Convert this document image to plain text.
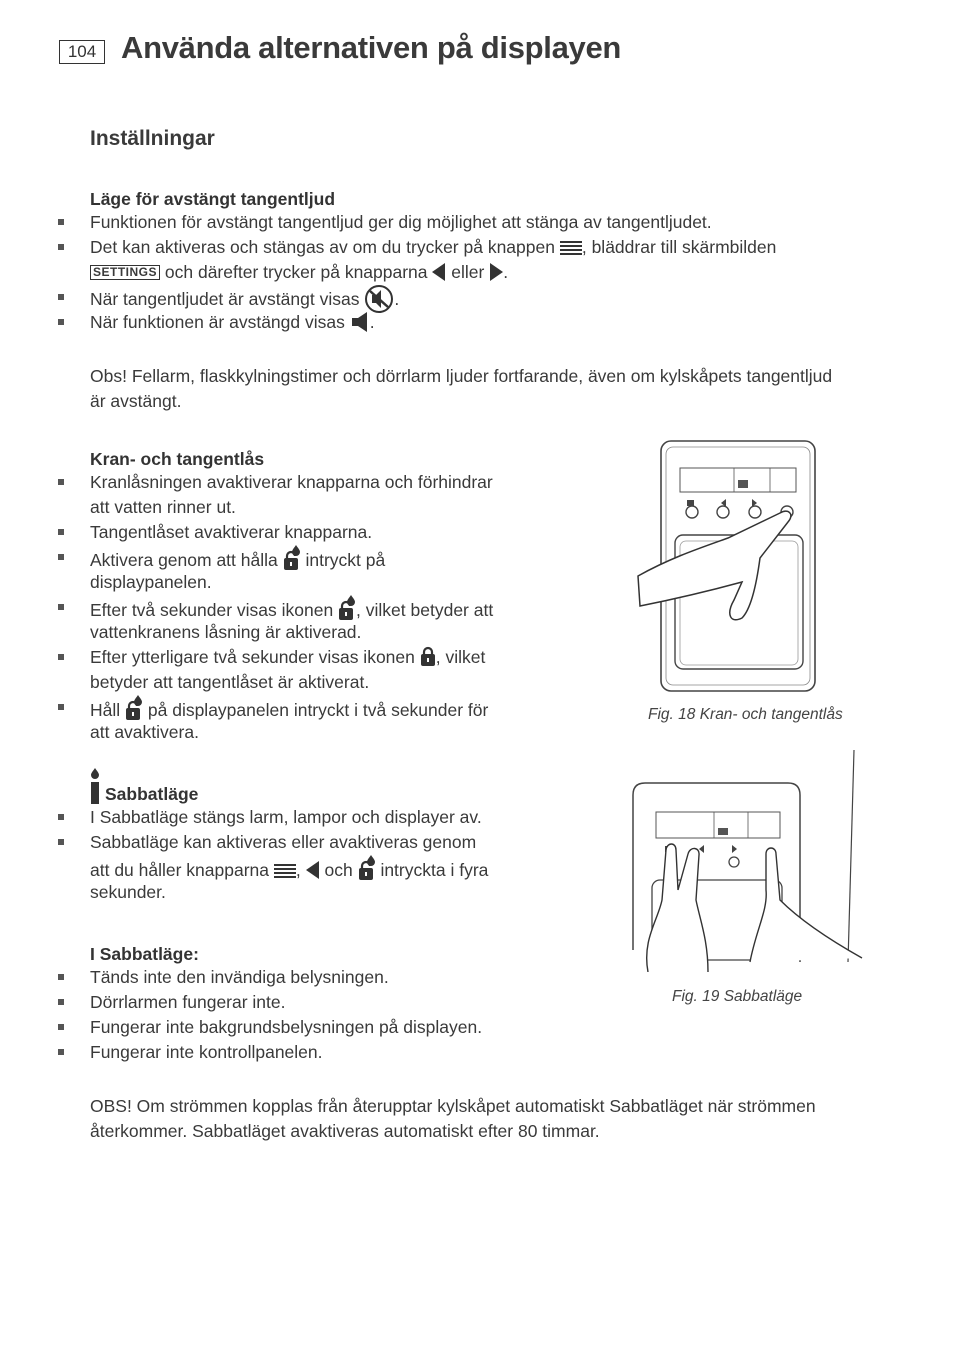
104 Använda alternativen på displayen
Inställningar
Läge för avstängt tangentljud
Funktionen för avstängt tangentljud ger dig möjlighet att stänga av tangentljudet.
Det kan aktiveras och stängas av om du trycker på knappen
, bläddrar till skärmbilden
SETTINGS och därefter trycker på knapparna
eller
.
När tangentljudet är avstängt visas
.
När funktionen är avstängd visas
.
Obs! Fellarm, flaskkylningstimer och dörrlarm ljuder fortfarande, även om kylskåpets tangentljud
är avstängt.
Kran- och tangentlås
Kranlåsningen avaktiverar knapparna och förhindrar
att vatten rinner ut.
Tangentlåset avaktiverar knapparna.
Aktivera genom att hålla
intryckt på
displaypanelen.
Efter två sekunder visas ikonen
, vilket betyder att
vattenkranens låsning är aktiverad.
Efter ytterligare två sekunder visas ikonen
, vilket
betyder att tangentlåset är aktiverat.
Håll
på displaypanelen intryckt i två sekunder för
att avaktivera.
Fig. 18 Kran- och tangentlås
Sabbatläge
I Sabbatläge stängs larm, lampor och displayer av.
Sabbatläge kan aktiveras eller avaktiveras genom
att du håller knapparna
,
och
intryckta i fyra
sekunder.
I Sabbatläge:
Tänds inte den invändiga belysningen.
Dörrlarmen fungerar inte.
Fungerar inte bakgrundsbelysningen på displayen.
Fungerar inte kontrollpanelen.
Fig. 19 Sabbatläge
OBS! Om strömmen kopplas från återupptar kylskåpet automatiskt Sabbatläget när strömmen
återkommer. Sabbatläget avaktiveras automatiskt efter 80 timmar.
